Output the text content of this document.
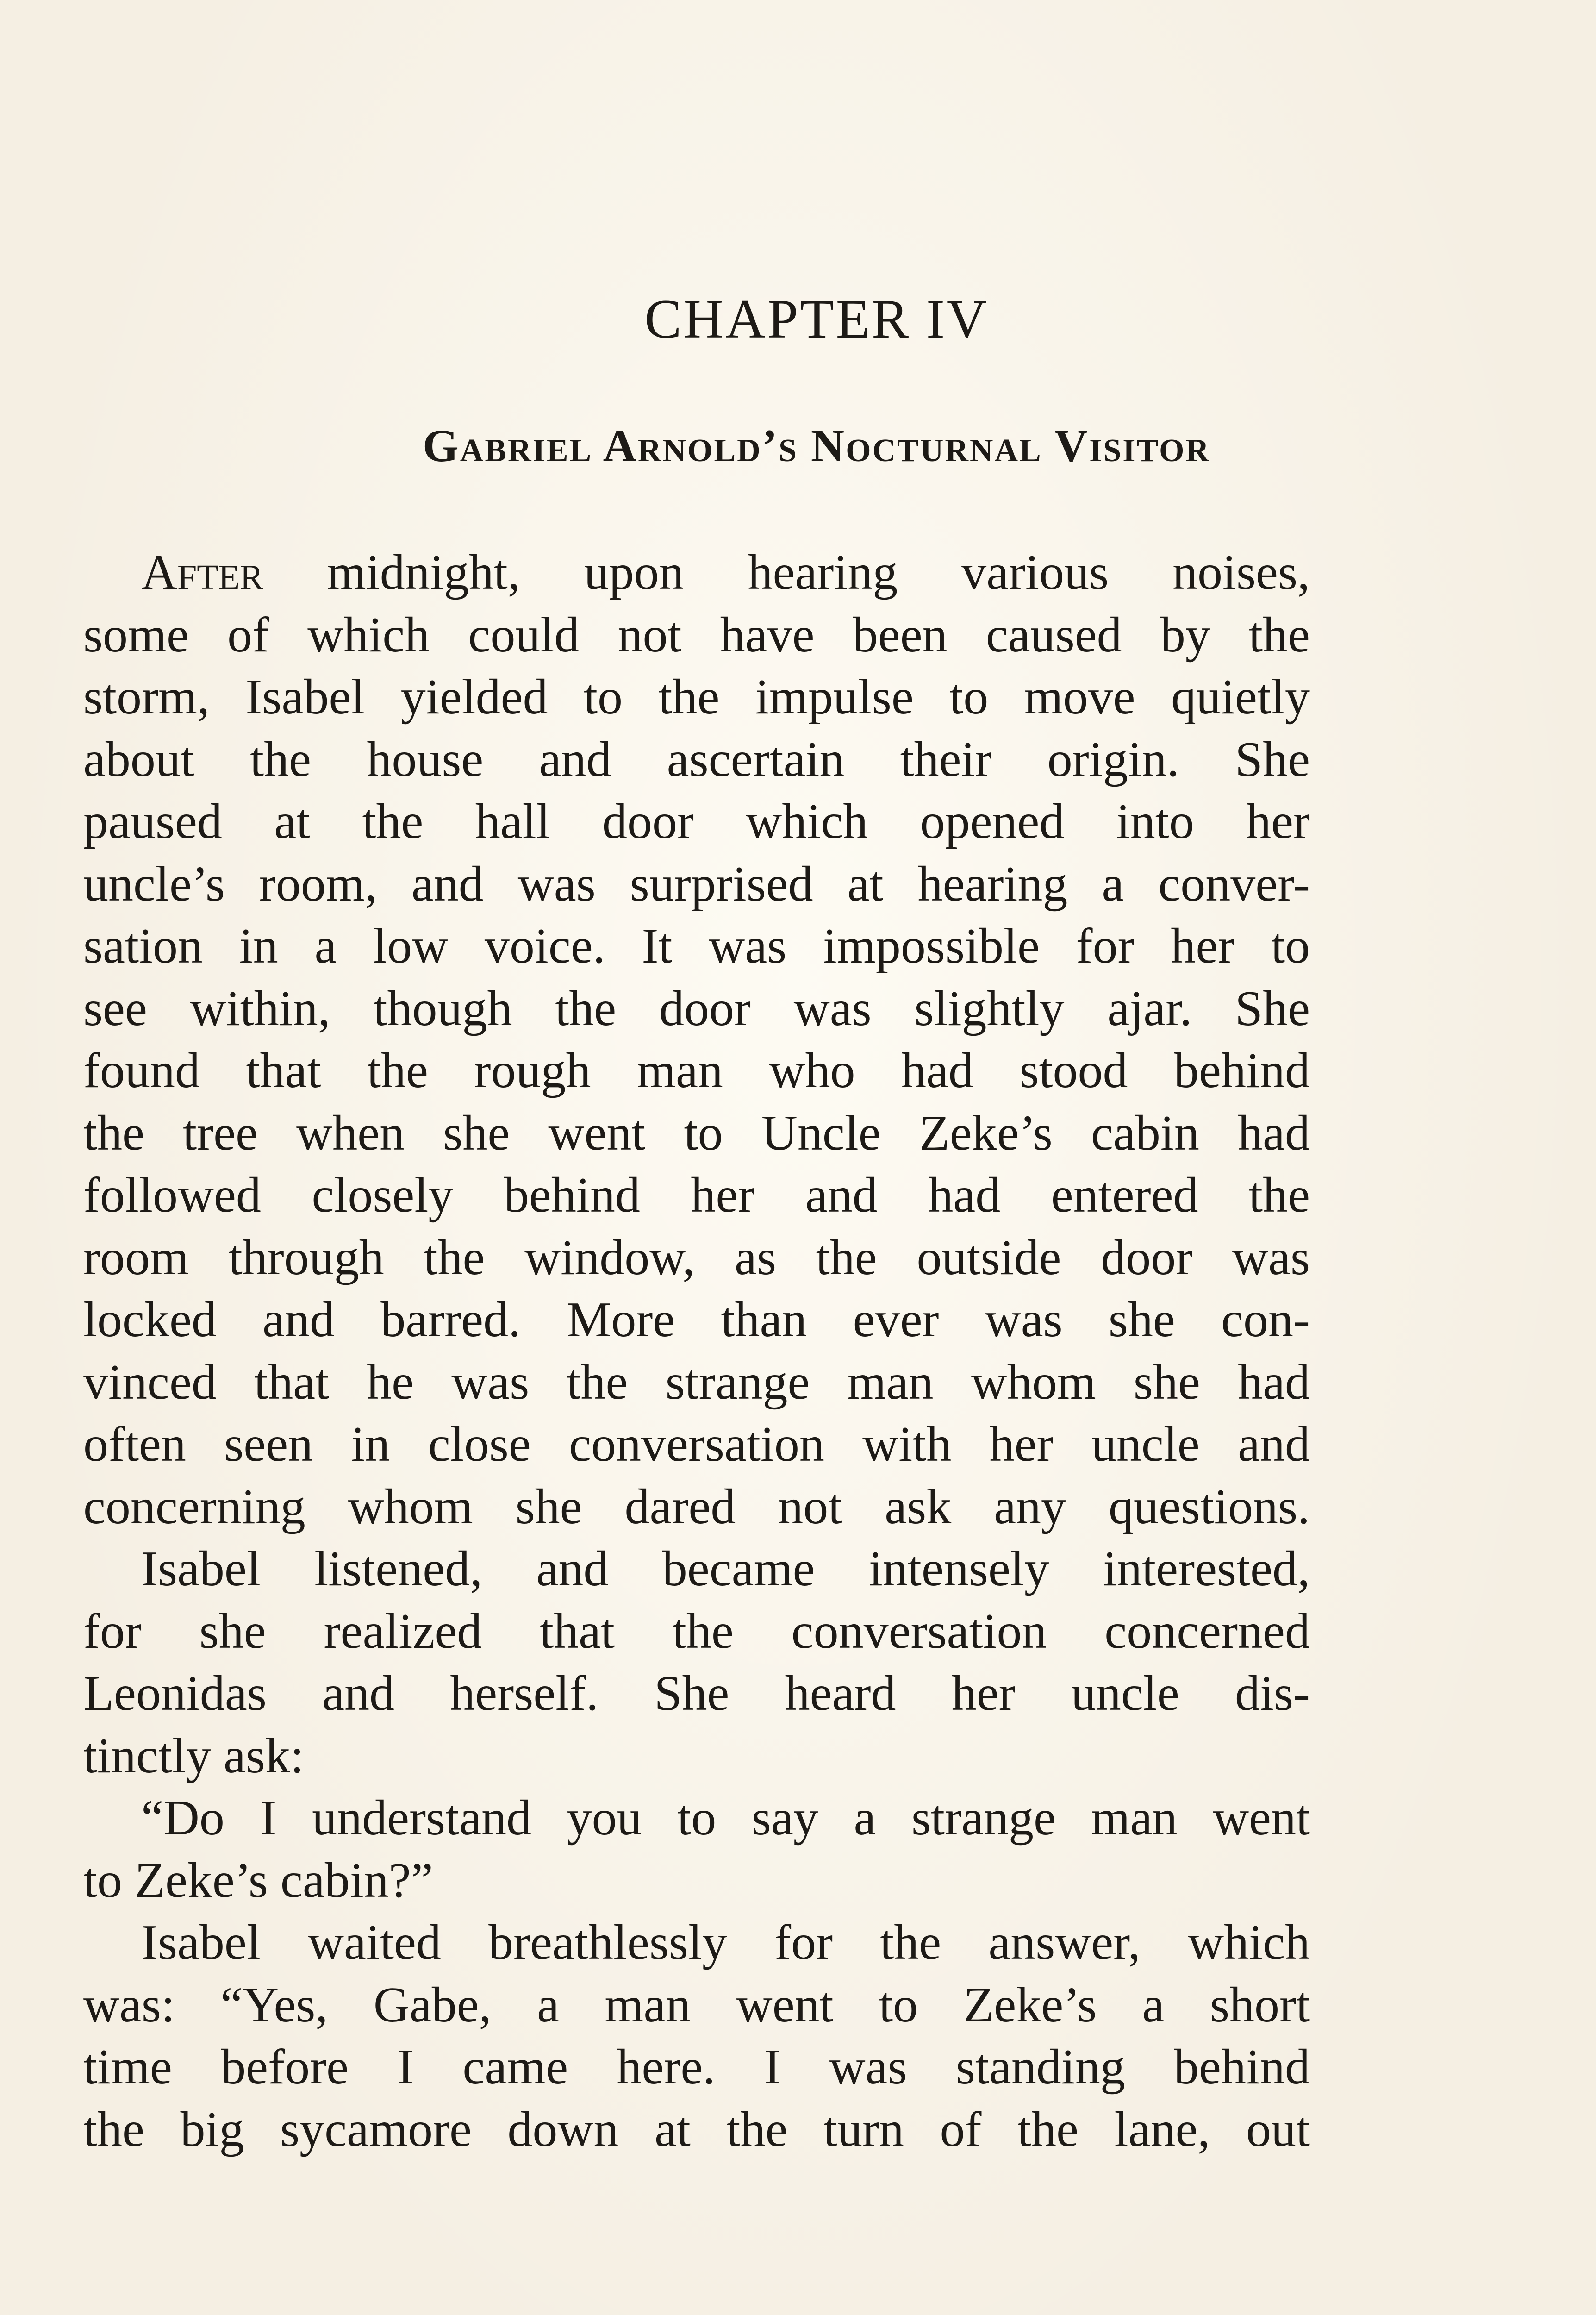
CHAPTER IV
Gabriel Arnold’s Nocturnal Visitor
After midnight, upon hearing various noises,
some of which could not have been caused by the
storm, Isabel yielded to the impulse to move quietly
about the house and ascertain their origin. She
paused at the hall door which opened into her
uncle’s room, and was surprised at hearing a conver-
sation in a low voice. It was impossible for her to
see within, though the door was slightly ajar. She
found that the rough man who had stood behind
the tree when she went to Uncle Zeke’s cabin had
followed closely behind her and had entered the
room through the window, as the outside door was
locked and barred. More than ever was she con-
vinced that he was the strange man whom she had
often seen in close conversation with her uncle and
concerning whom she dared not ask any questions.
Isabel listened, and became intensely interested,
for she realized that the conversation concerned
Leonidas and herself. She heard her uncle dis-
tinctly ask:
“Do I understand you to say a strange man went
to Zeke’s cabin?”
Isabel waited breathlessly for the answer, which
was: “Yes, Gabe, a man went to Zeke’s a short
time before I came here. I was standing behind
the big sycamore down at the turn of the lane, out
